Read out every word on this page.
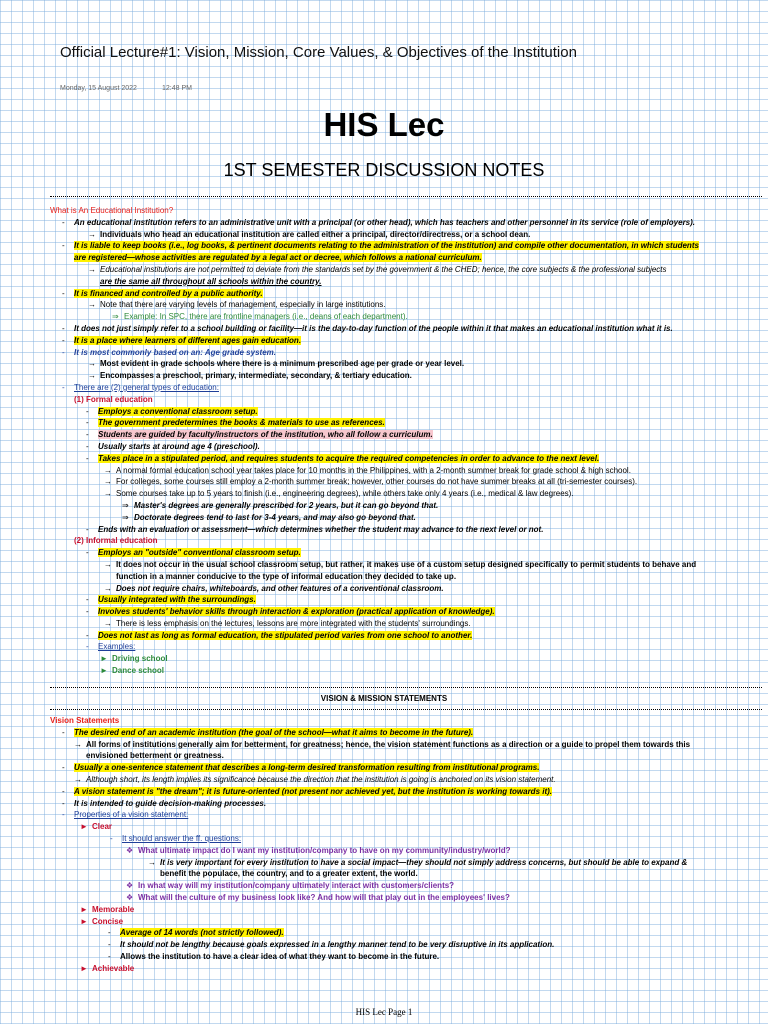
Official Lecture#1: Vision, Mission, Core Values, & Objectives of the Institution
Monday, 15 August 2022	12:48 PM
HIS Lec
1ST SEMESTER DISCUSSION NOTES
What is An Educational Institution?
- An educational institution refers to an administrative unit with a principal (or other head), which has teachers and other personnel in its service (role of employers).
→ Individuals who head an educational institution are called either a principal, director/directress, or a school dean.
- It is liable to keep books (i.e., log books, & pertinent documents relating to the administration of the institution) and compile other documentation, in which students
are registered—whose activities are regulated by a legal act or decree, which follows a national curriculum.
→ Educational institutions are not permitted to deviate from the standards set by the government & the CHED; hence, the core subjects & the professional subjects
are the same all throughout all schools within the country.
- It is financed and controlled by a public authority.
→ Note that there are varying levels of management, especially in large institutions.
⇒ Example: In SPC, there are frontline managers (i.e., deans of each department).
- It does not just simply refer to a school building or facility—it is the day-to-day function of the people within it that makes an educational institution what it is.
- It is a place where learners of different ages gain education.
- It is most commonly based on an: Age grade system.
→ Most evident in grade schools where there is a minimum prescribed age per grade or year level.
→ Encompasses a preschool, primary, intermediate, secondary, & tertiary education.
- There are (2) general types of education:
(1) Formal education
- Employs a conventional classroom setup.
- The government predetermines the books & materials to use as references.
- Students are guided by faculty/instructors of the institution, who all follow a curriculum.
- Usually starts at around age 4 (preschool).
- Takes place in a stipulated period, and requires students to acquire the required competencies in order to advance to the next level.
→ A normal formal education school year takes place for 10 months in the Philippines, with a 2-month summer break for grade school & high school.
→ For colleges, some courses still employ a 2-month summer break; however, other courses do not have summer breaks at all (tri-semester courses).
→ Some courses take up to 5 years to finish (i.e., engineering degrees), while others take only 4 years (i.e., medical & law degrees).
⇒ Master's degrees are generally prescribed for 2 years, but it can go beyond that.
⇒ Doctorate degrees tend to last for 3-4 years, and may also go beyond that.
- Ends with an evaluation or assessment—which determines whether the student may advance to the next level or not.
(2) Informal education
- Employs an "outside" conventional classroom setup.
→ It does not occur in the usual school classroom setup, but rather, it makes use of a custom setup designed specifically to permit students to behave and
function in a manner conducive to the type of informal education they decided to take up.
→ Does not require chairs, whiteboards, and other features of a conventional classroom.
- Usually integrated with the surroundings.
- Involves students' behavior skills through interaction & exploration (practical application of knowledge).
→ There is less emphasis on the lectures, lessons are more integrated with the students' surroundings.
- Does not last as long as formal education, the stipulated period varies from one school to another.
- Examples:
► Driving school
► Dance school
VISION & MISSION STATEMENTS
Vision Statements
- The desired end of an academic institution (the goal of the school—what it aims to become in the future).
→ All forms of institutions generally aim for betterment, for greatness; hence, the vision statement functions as a direction or a guide to propel them towards this
envisioned betterment or greatness.
- Usually a one-sentence statement that describes a long-term desired transformation resulting from institutional programs.
→ Although short, its length implies its significance because the direction that the institution is going is anchored on its vision statement.
- A vision statement is "the dream"; it is future-oriented (not present nor achieved yet, but the institution is working towards it).
- It is intended to guide decision-making processes.
- Properties of a vision statement:
► Clear
- It should answer the ff. questions:
❖ What ultimate impact do I want my institution/company to have on my community/industry/world?
→ It is very important for every institution to have a social impact—they should not simply address concerns, but should be able to expand &
benefit the populace, the country, and to a greater extent, the world.
❖ In what way will my institution/company ultimately interact with customers/clients?
❖ What will the culture of my business look like? And how will that play out in the employees' lives?
► Memorable
► Concise
- Average of 14 words (not strictly followed).
- It should not be lengthy because goals expressed in a lengthy manner tend to be very disruptive in its application.
- Allows the institution to have a clear idea of what they want to become in the future.
► Achievable
HIS Lec Page 1
